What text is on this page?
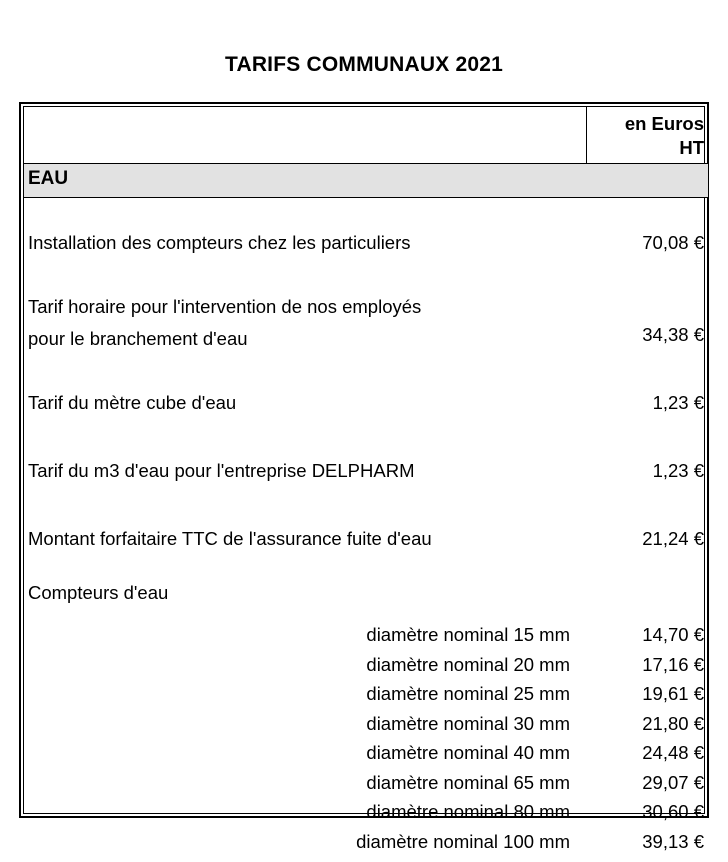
TARIFS COMMUNAUX 2021

	en Euros
HT

EAU	

Installation des compteurs chez les particuliers	70,08 €

Tarif horaire pour l'intervention de nos employés
pour le branchement d'eau	34,38 €

Tarif du mètre cube d'eau	1,23 €

Tarif du m3 d'eau pour l'entreprise DELPHARM	1,23 €

Montant forfaitaire TTC de l'assurance fuite d'eau	21,24 €

Compteurs d'eau	

diamètre nominal 15 mm	14,70 €
diamètre nominal 20 mm	17,16 €
diamètre nominal 25 mm	19,61 €
diamètre nominal 30 mm	21,80 €
diamètre nominal 40 mm	24,48 €
diamètre nominal 65 mm	29,07 €
diamètre nominal 80 mm	30,60 €
diamètre nominal 100 mm	39,13 €
